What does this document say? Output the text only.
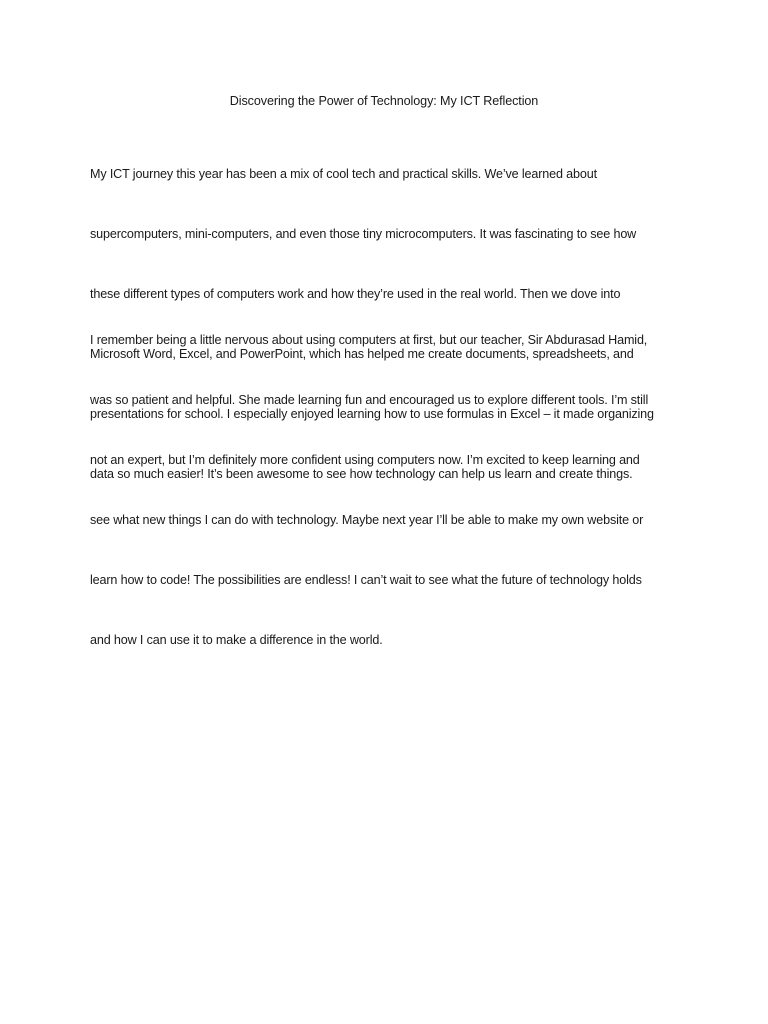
Discovering the Power of Technology: My ICT Reflection

My ICT journey this year has been a mix of cool tech and practical skills. We’ve learned about

supercomputers, mini-computers, and even those tiny microcomputers. It was fascinating to see how

these different types of computers work and how they’re used in the real world. Then we dove into

Microsoft Word, Excel, and PowerPoint, which has helped me create documents, spreadsheets, and

presentations for school. I especially enjoyed learning how to use formulas in Excel – it made organizing

data so much easier! It’s been awesome to see how technology can help us learn and create things.

I remember being a little nervous about using computers at first, but our teacher, Sir Abdurasad Hamid,

was so patient and helpful. She made learning fun and encouraged us to explore different tools. I’m still

not an expert, but I’m definitely more confident using computers now. I’m excited to keep learning and

see what new things I can do with technology. Maybe next year I’ll be able to make my own website or

learn how to code! The possibilities are endless! I can’t wait to see what the future of technology holds

and how I can use it to make a difference in the world.
